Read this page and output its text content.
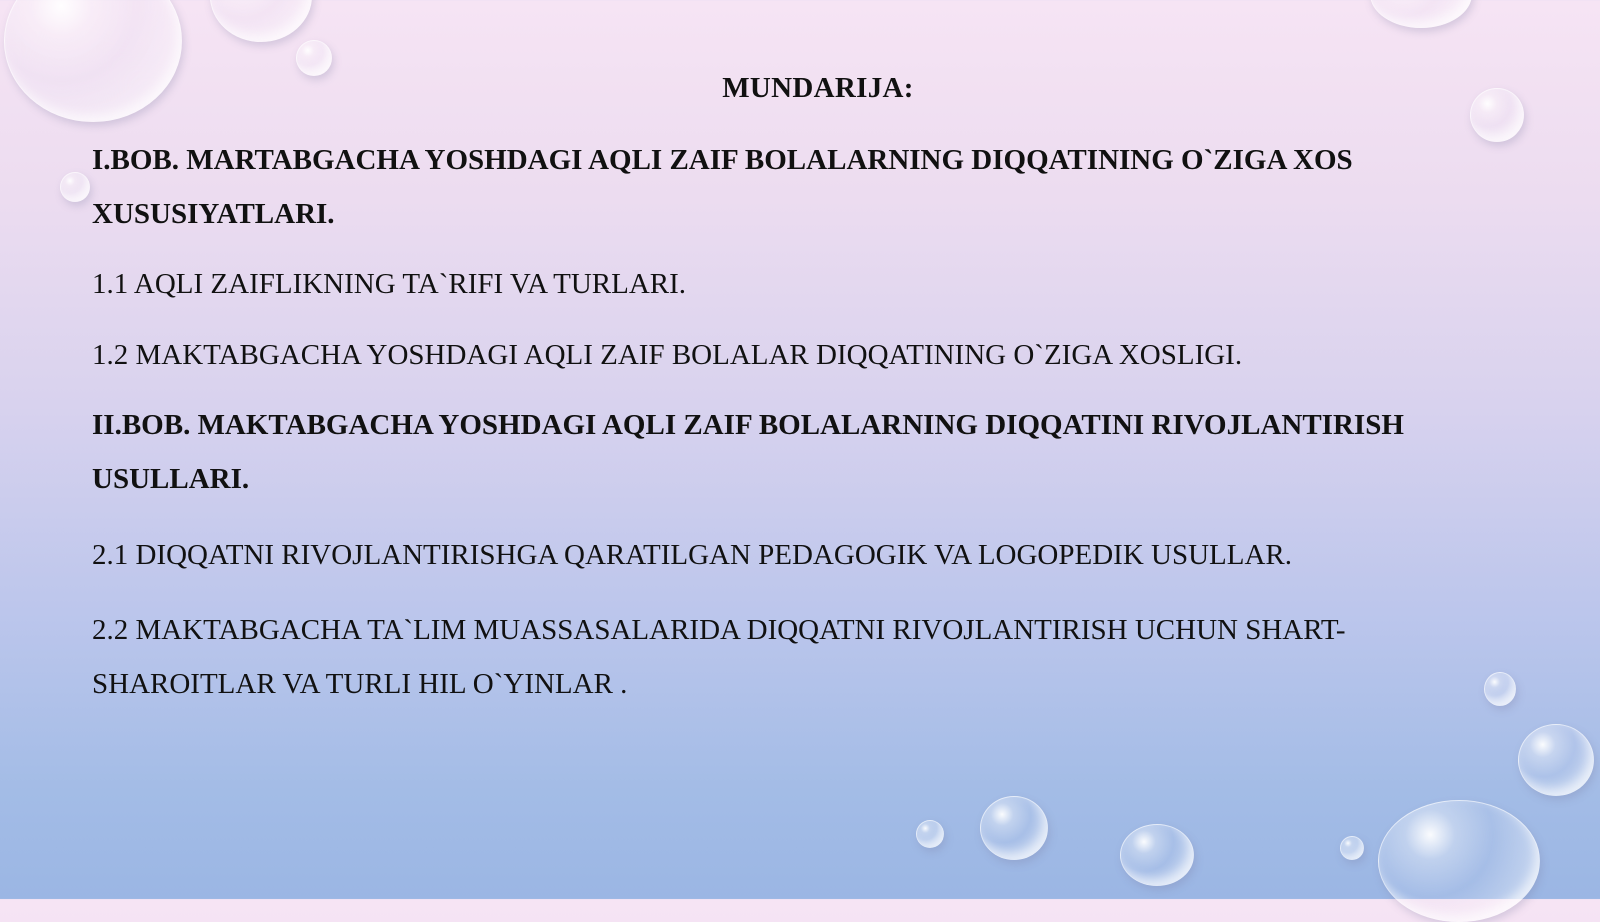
MUNDARIJA:
I.BOB. MARTABGACHA YOSHDAGI AQLI ZAIF BOLALARNING DIQQATINING O`ZIGA XOS
XUSUSIYATLARI.
1.1 AQLI ZAIFLIKNING TA`RIFI VA TURLARI.
1.2 MAKTABGACHA YOSHDAGI AQLI ZAIF BOLALAR DIQQATINING O`ZIGA XOSLIGI.
II.BOB. MAKTABGACHA YOSHDAGI AQLI ZAIF BOLALARNING DIQQATINI RIVOJLANTIRISH
USULLARI.
2.1 DIQQATNI RIVOJLANTIRISHGA QARATILGAN PEDAGOGIK VA LOGOPEDIK USULLAR.
2.2 MAKTABGACHA TA`LIM MUASSASALARIDA DIQQATNI RIVOJLANTIRISH UCHUN SHART-
SHAROITLAR VA TURLI HIL O`YINLAR .
